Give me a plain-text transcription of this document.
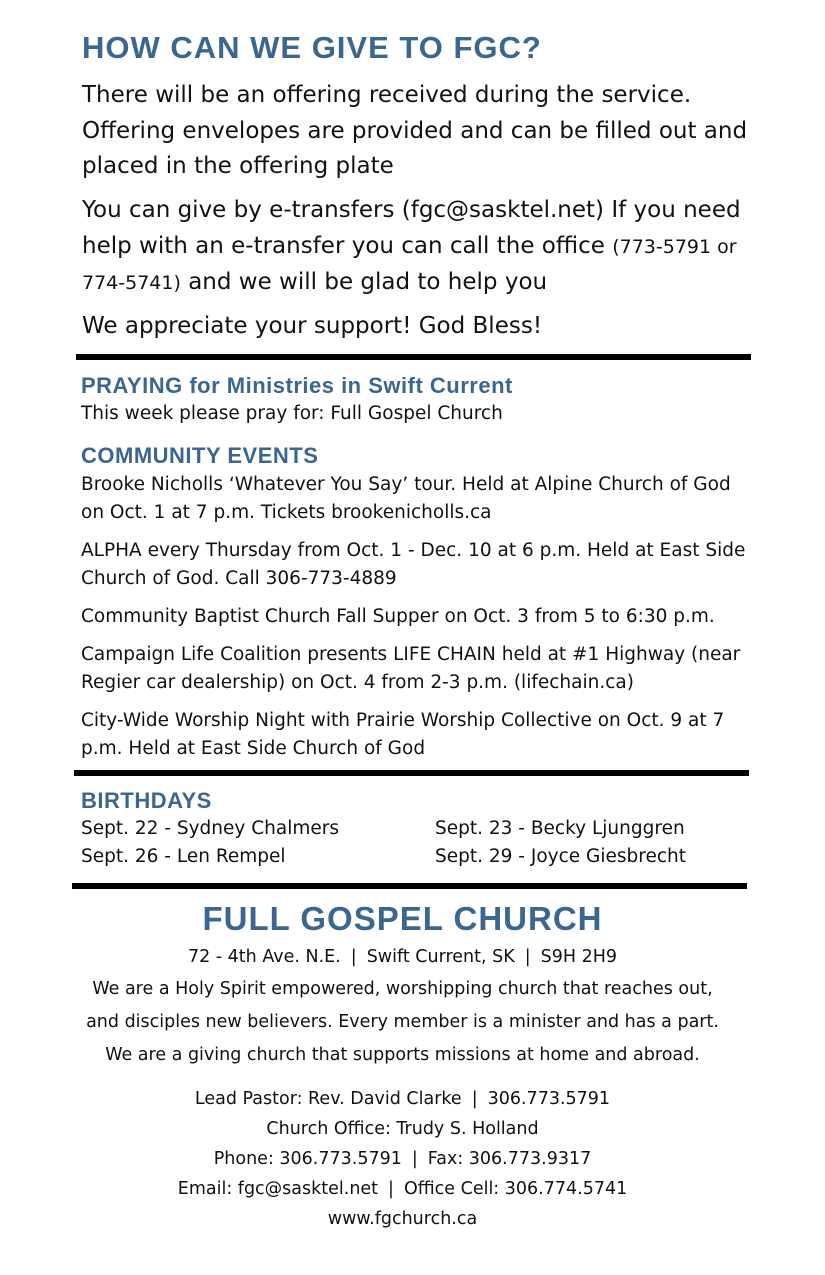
HOW CAN WE GIVE TO FGC?
There will be an offering received during the service. Offering envelopes are provided and can be filled out and placed in the offering plate
You can give by e-transfers (fgc@sasktel.net) If you need help with an e-transfer you can call the office (773-5791 or 774-5741) and we will be glad to help you
We appreciate your support! God Bless!
PRAYING for Ministries in Swift Current
This week please pray for: Full Gospel Church
COMMUNITY EVENTS
Brooke Nicholls ‘Whatever You Say’ tour. Held at Alpine Church of God on Oct. 1 at 7 p.m. Tickets brookenicholls.ca
ALPHA every Thursday from Oct. 1 - Dec. 10 at 6 p.m. Held at East Side Church of God. Call 306-773-4889
Community Baptist Church Fall Supper on Oct. 3 from 5 to 6:30 p.m.
Campaign Life Coalition presents LIFE CHAIN held at #1 Highway (near Regier car dealership) on Oct. 4 from 2-3 p.m. (lifechain.ca)
City-Wide Worship Night with Prairie Worship Collective on Oct. 9 at 7 p.m. Held at East Side Church of God
BIRTHDAYS
Sept. 22 - Sydney Chalmers	Sept. 23 - Becky Ljunggren
Sept. 26 - Len Rempel	Sept. 29 - Joyce Giesbrecht
FULL GOSPEL CHURCH
72 - 4th Ave. N.E. | Swift Current, SK | S9H 2H9
We are a Holy Spirit empowered, worshipping church that reaches out,
and disciples new believers. Every member is a minister and has a part.
We are a giving church that supports missions at home and abroad.
Lead Pastor: Rev. David Clarke | 306.773.5791
Church Office: Trudy S. Holland
Phone: 306.773.5791 | Fax: 306.773.9317
Email: fgc@sasktel.net | Office Cell: 306.774.5741
www.fgchurch.ca
